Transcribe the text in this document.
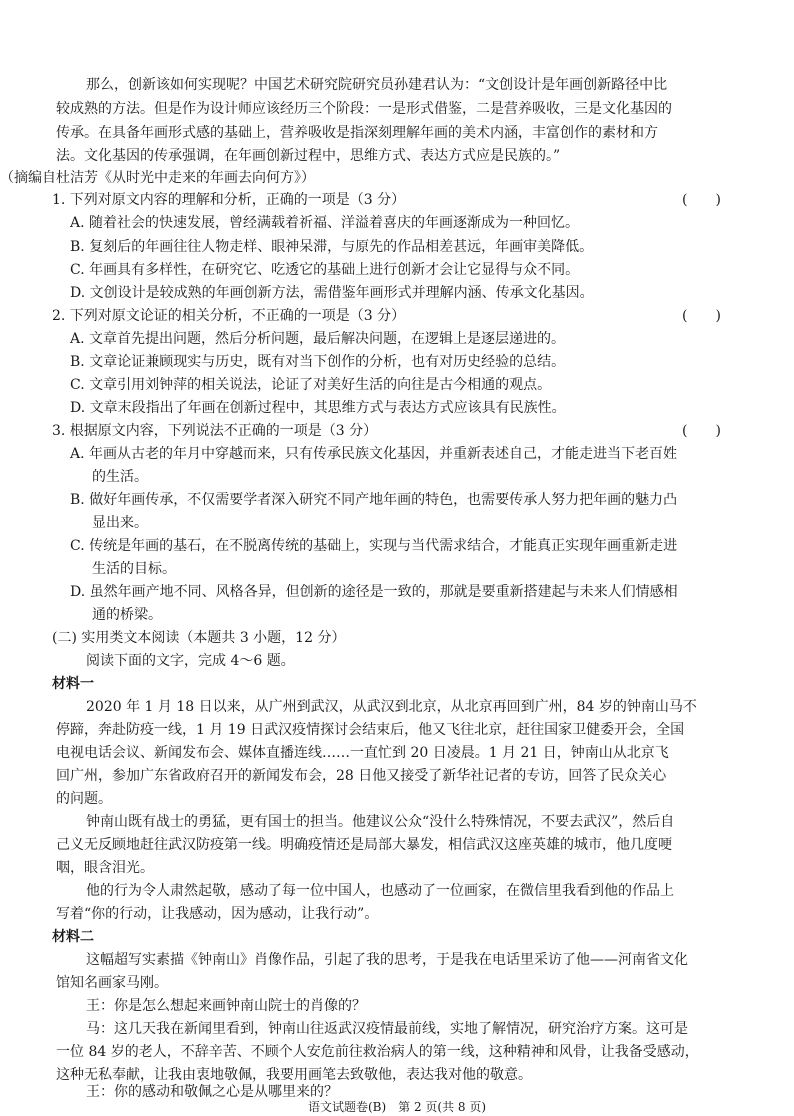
那么，创新该如何实现呢？中国艺术研究院研究员孙建君认为：“文创设计是年画创新路径中比
较成熟的方法。但是作为设计师应该经历三个阶段：一是形式借鉴，二是营养吸收，三是文化基因的
传承。在具备年画形式感的基础上，营养吸收是指深刻理解年画的美术内涵，丰富创作的素材和方
法。文化基因的传承强调，在年画创新过程中，思维方式、表达方式应是民族的。”
（摘编自杜洁芳《从时光中走来的年画去向何方》）
1. 下列对原文内容的理解和分析，正确的一项是（3 分）	(　　)
A. 随着社会的快速发展，曾经满载着祈福、洋溢着喜庆的年画逐渐成为一种回忆。
B. 复刻后的年画往往人物走样、眼神呆滞，与原先的作品相差甚远，年画审美降低。
C. 年画具有多样性，在研究它、吃透它的基础上进行创新才会让它显得与众不同。
D. 文创设计是较成熟的年画创新方法，需借鉴年画形式并理解内涵、传承文化基因。
2. 下列对原文论证的相关分析，不正确的一项是（3 分）	(　　)
A. 文章首先提出问题，然后分析问题，最后解决问题，在逻辑上是逐层递进的。
B. 文章论证兼顾现实与历史，既有对当下创作的分析，也有对历史经验的总结。
C. 文章引用刘钟萍的相关说法，论证了对美好生活的向往是古今相通的观点。
D. 文章末段指出了年画在创新过程中，其思维方式与表达方式应该具有民族性。
3. 根据原文内容，下列说法不正确的一项是（3 分）	(　　)
A. 年画从古老的年月中穿越而来，只有传承民族文化基因，并重新表述自己，才能走进当下老百姓
的生活。
B. 做好年画传承，不仅需要学者深入研究不同产地年画的特色，也需要传承人努力把年画的魅力凸
显出来。
C. 传统是年画的基石，在不脱离传统的基础上，实现与当代需求结合，才能真正实现年画重新走进
生活的目标。
D. 虽然年画产地不同、风格各异，但创新的途径是一致的，那就是要重新搭建起与未来人们情感相
通的桥梁。
(二) 实用类文本阅读（本题共 3 小题，12 分）
阅读下面的文字，完成 4～6 题。
材料一
2020 年 1 月 18 日以来，从广州到武汉，从武汉到北京，从北京再回到广州，84 岁的钟南山马不
停蹄，奔赴防疫一线，1 月 19 日武汉疫情探讨会结束后，他又飞往北京，赶往国家卫健委开会，全国
电视电话会议、新闻发布会、媒体直播连线……一直忙到 20 日凌晨。1 月 21 日，钟南山从北京飞
回广州，参加广东省政府召开的新闻发布会，28 日他又接受了新华社记者的专访，回答了民众关心
的问题。
钟南山既有战士的勇猛，更有国士的担当。他建议公众“没什么特殊情况，不要去武汉”，然后自
己义无反顾地赶往武汉防疫第一线。明确疫情还是局部大暴发，相信武汉这座英雄的城市，他几度哽
咽，眼含泪光。
他的行为令人肃然起敬，感动了每一位中国人，也感动了一位画家，在微信里我看到他的作品上
写着“你的行动，让我感动，因为感动，让我行动”。
材料二
这幅超写实素描《钟南山》肖像作品，引起了我的思考，于是我在电话里采访了他——河南省文化
馆知名画家马刚。
王：你是怎么想起来画钟南山院士的肖像的？
马：这几天我在新闻里看到，钟南山往返武汉疫情最前线，实地了解情况，研究治疗方案。这可是
一位 84 岁的老人，不辞辛苦、不顾个人安危前往救治病人的第一线，这种精神和风骨，让我备受感动，
这种无私奉献，让我由衷地敬佩，我要用画笔去致敬他，表达我对他的敬意。
王：你的感动和敬佩之心是从哪里来的？
语文试题卷(B)　第 2 页(共 8 页)
